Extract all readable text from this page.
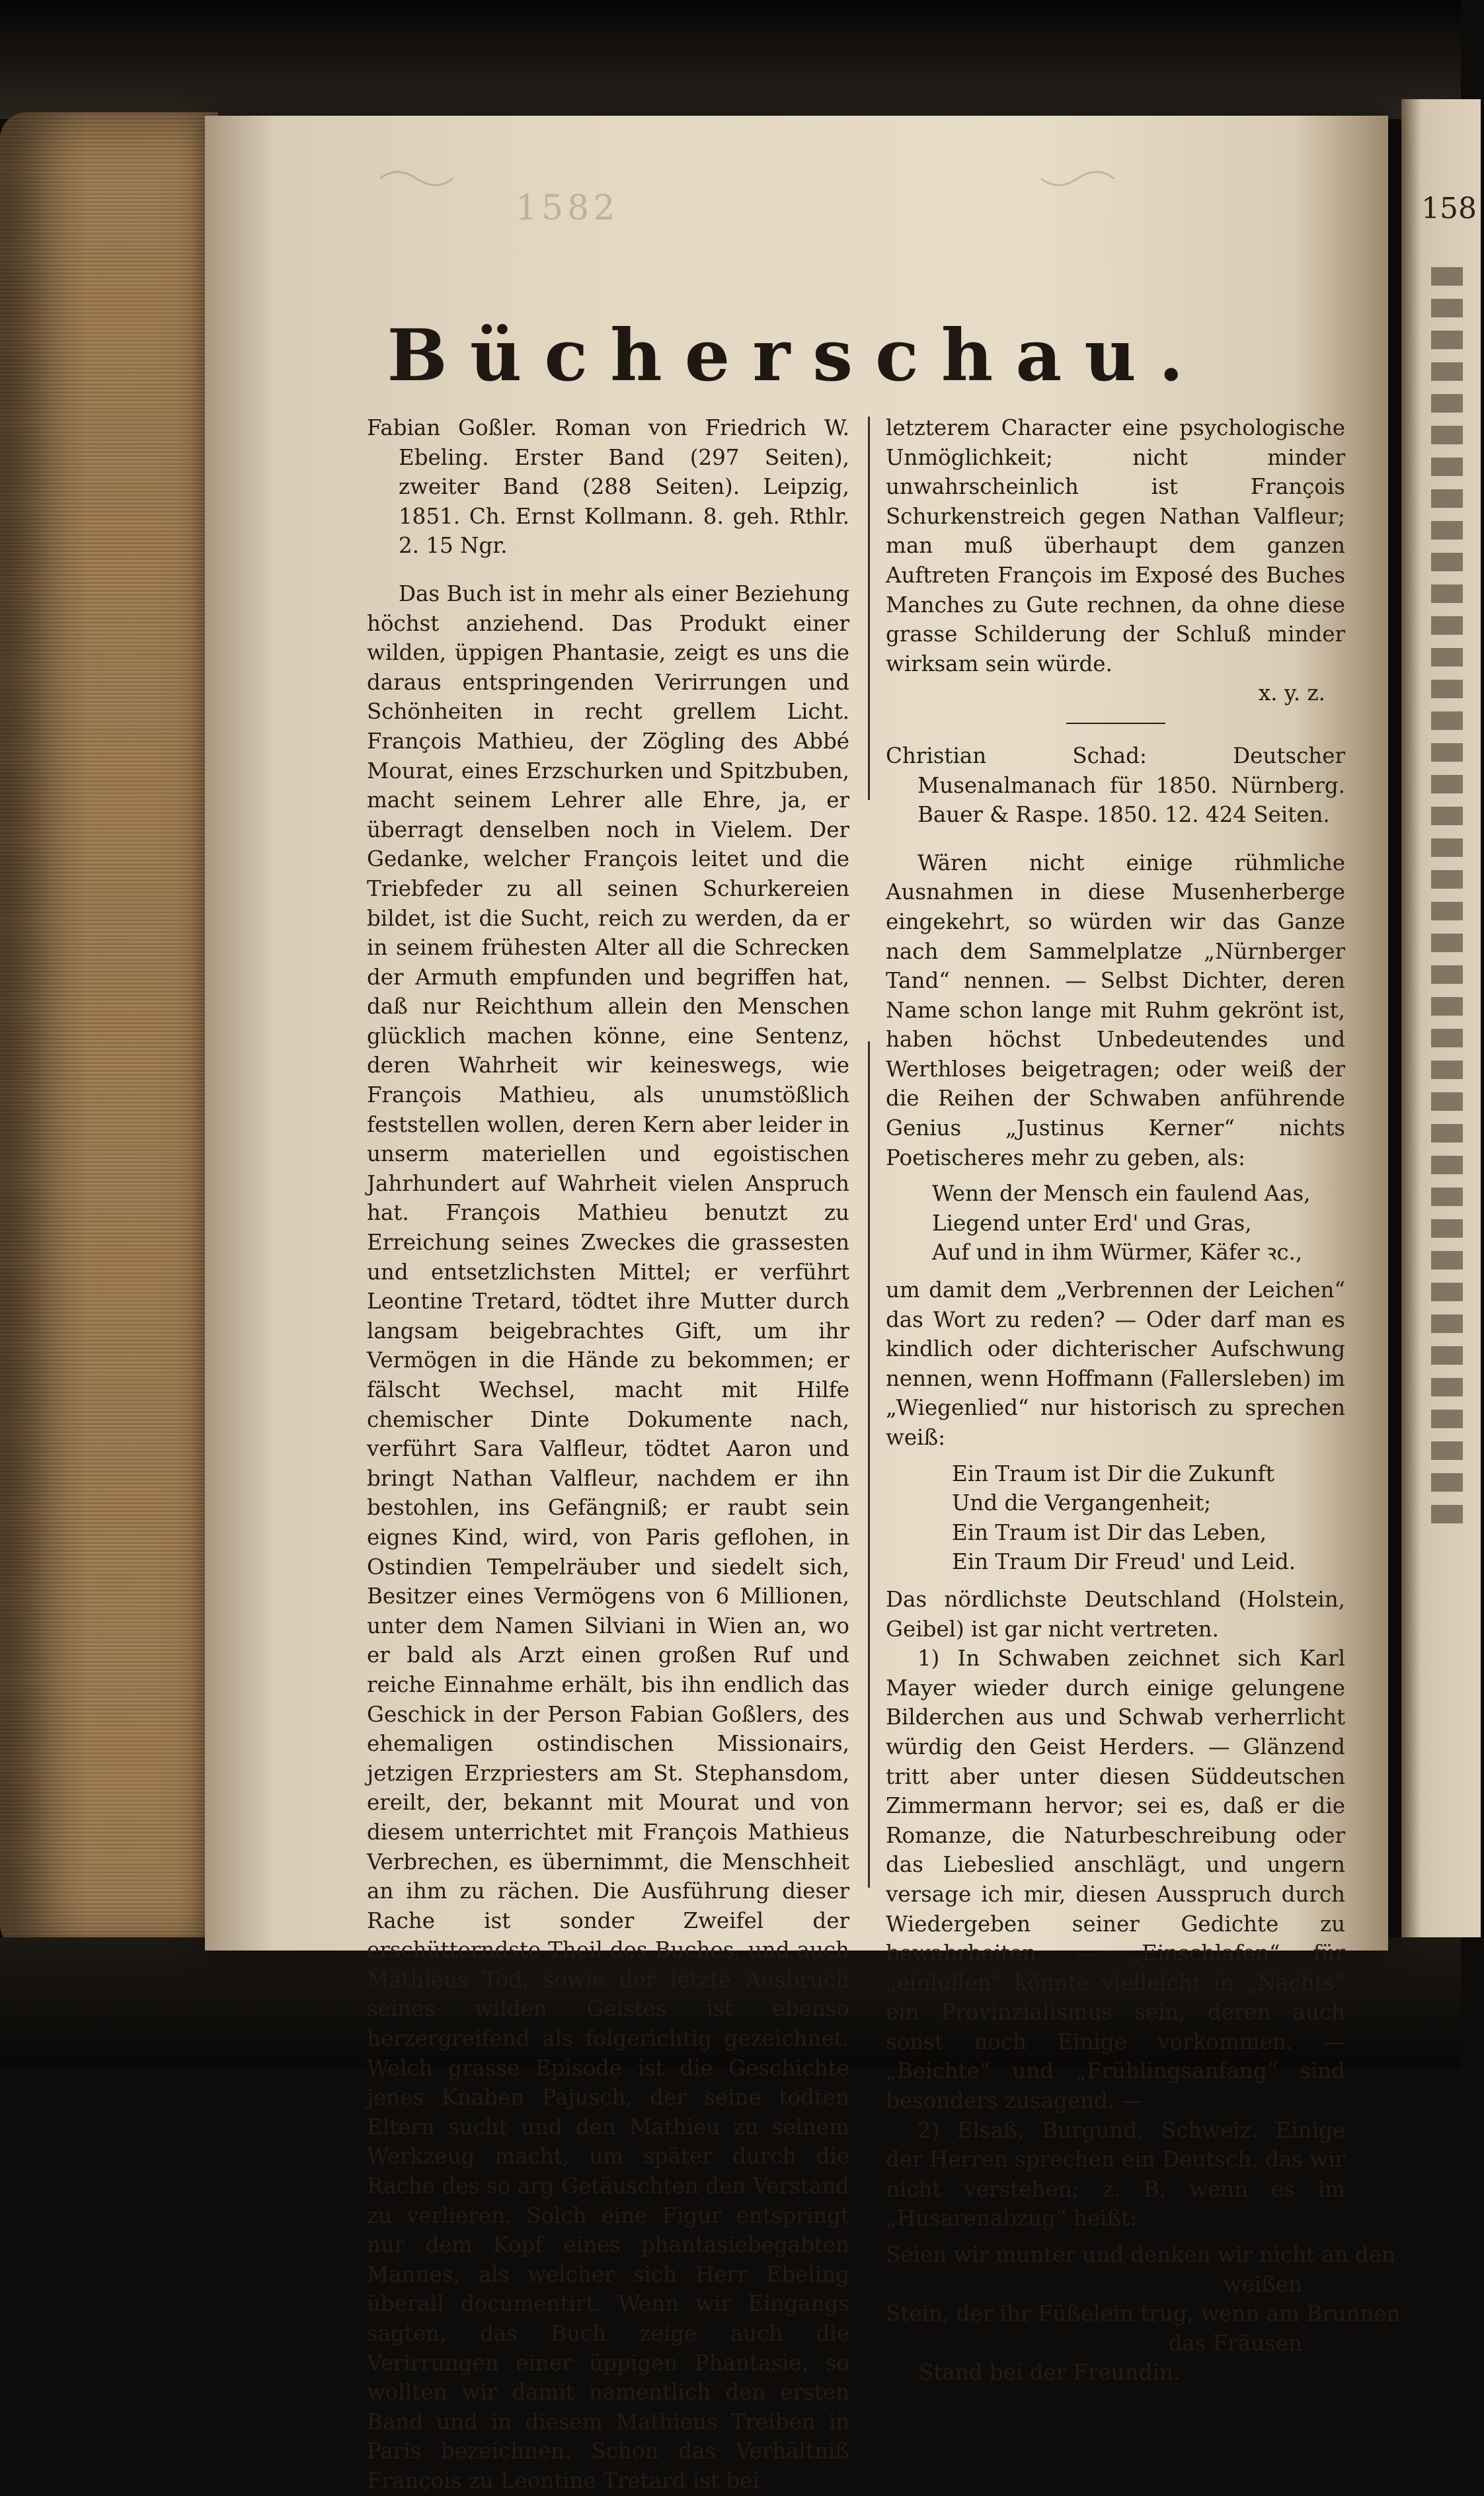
158
1582
Bücherschau.

Fabian Goßler. Roman von Friedrich W. Ebeling. Erster Band (297 Seiten), zweiter Band (288 Seiten). Leipzig, 1851. Ch. Ernst Kollmann. 8. geh. Rthlr. 2. 15 Ngr.

Das Buch ist in mehr als einer Beziehung höchst anziehend. Das Produkt einer wilden, üppigen Phantasie, zeigt es uns die daraus entspringenden Verirrungen und Schönheiten in recht grellem Licht. François Mathieu, der Zögling des Abbé Mourat, eines Erzschurken und Spitzbuben, macht seinem Lehrer alle Ehre, ja, er überragt denselben noch in Vielem. Der Gedanke, welcher François leitet und die Triebfeder zu all seinen Schurkereien bildet, ist die Sucht, reich zu werden, da er in seinem frühesten Alter all die Schrecken der Armuth empfunden und begriffen hat, daß nur Reichthum allein den Menschen glücklich machen könne, eine Sentenz, deren Wahrheit wir keineswegs, wie François Mathieu, als unumstößlich feststellen wollen, deren Kern aber leider in unserm materiellen und egoistischen Jahrhundert auf Wahrheit vielen Anspruch hat. François Mathieu benutzt zu Erreichung seines Zweckes die grassesten und entsetzlichsten Mittel; er verführt Leontine Tretard, tödtet ihre Mutter durch langsam beigebrachtes Gift, um ihr Vermögen in die Hände zu bekommen; er fälscht Wechsel, macht mit Hilfe chemischer Dinte Dokumente nach, verführt Sara Valfleur, tödtet Aaron und bringt Nathan Valfleur, nachdem er ihn bestohlen, ins Gefängniß; er raubt sein eignes Kind, wird, von Paris geflohen, in Ostindien Tempelräuber und siedelt sich, Besitzer eines Vermögens von 6 Millionen, unter dem Namen Silviani in Wien an, wo er bald als Arzt einen großen Ruf und reiche Einnahme erhält, bis ihn endlich das Geschick in der Person Fabian Goßlers, des ehemaligen ostindischen Missionairs, jetzigen Erzpriesters am St. Stephansdom, ereilt, der, bekannt mit Mourat und von diesem unterrichtet mit François Mathieus Verbrechen, es übernimmt, die Menschheit an ihm zu rächen. Die Ausführung dieser Rache ist sonder Zweifel der erschütterndste Theil des Buches, und auch Mathieus Tod, sowie der letzte Ausbruch seines wilden Geistes ist ebenso herzergreifend als folgerichtig gezeichnet. Welch grasse Episode ist die Geschichte jenes Knaben Pajusch, der seine todten Eltern sucht und den Mathieu zu seinem Werkzeug macht, um später durch die Rache des so arg Getäuschten den Verstand zu verlieren. Solch eine Figur entspringt nur dem Kopf eines phantasiebegabten Mannes, als welcher sich Herr Ebeling überall documentirt. Wenn wir Eingangs sagten, das Buch zeige auch die Verirrungen einer üppigen Phantasie, so wollten wir damit namentlich den ersten Band und in diesem Mathieus Treiben in Paris bezeichnen. Schon das Verhältniß François zu Leontine Tretard ist bei

letzterem Character eine psychologische Unmöglichkeit; nicht minder unwahrscheinlich ist François Schurkenstreich gegen Nathan Valfleur; man muß überhaupt dem ganzen Auftreten François im Exposé des Buches Manches zu Gute rechnen, da ohne diese grasse Schilderung der Schluß minder wirksam sein würde.

x. y. z.

Christian Schad: Deutscher Musenalmanach für 1850. Nürnberg. Bauer & Raspe. 1850. 12. 424 Seiten.

Wären nicht einige rühmliche Ausnahmen in diese Musenherberge eingekehrt, so würden wir das Ganze nach dem Sammelplatze „Nürnberger Tand“ nennen. — Selbst Dichter, deren Name schon lange mit Ruhm gekrönt ist, haben höchst Unbedeutendes und Werthloses beigetragen; oder weiß der die Reihen der Schwaben anführende Genius „Justinus Kerner“ nichts Poetischeres mehr zu geben, als:

Wenn der Mensch ein faulend Aas,
Liegend unter Erd' und Gras,
Auf und in ihm Würmer, Käfer ꝛc.,

um damit dem „Verbrennen der Leichen“ das Wort zu reden? — Oder darf man es kindlich oder dichterischer Aufschwung nennen, wenn Hoffmann (Fallersleben) im „Wiegenlied“ nur historisch zu sprechen weiß:

Ein Traum ist Dir die Zukunft
Und die Vergangenheit;
Ein Traum ist Dir das Leben,
Ein Traum Dir Freud' und Leid.

Das nördlichste Deutschland (Holstein, Geibel) ist gar nicht vertreten.

1) In Schwaben zeichnet sich Karl Mayer wieder durch einige gelungene Bilderchen aus und Schwab verherrlicht würdig den Geist Herders. — Glänzend tritt aber unter diesen Süddeutschen Zimmermann hervor; sei es, daß er die Romanze, die Naturbeschreibung oder das Liebeslied anschlägt, und ungern versage ich mir, diesen Ausspruch durch Wiedergeben seiner Gedichte zu bewahrheiten. — „Einschlafen“ für „einlullen“ könnte vielleicht in „Nachts“ ein Provinzialismus sein, deren auch sonst noch Einige vorkommen. — „Beichte“ und „Frühlingsanfang“ sind besonders zusagend. —

2) Elsaß, Burgund, Schweiz. Einige der Herren sprechen ein Deutsch, das wir nicht verstehen; z. B. wenn es im „Husarenabzug“ heißt:

Seien wir munter und denken wir nicht an den
weißen
Stein, der ihr Füßelein trug, wenn am Brunnen
das Fräusen
Stand bei der Freundin.
